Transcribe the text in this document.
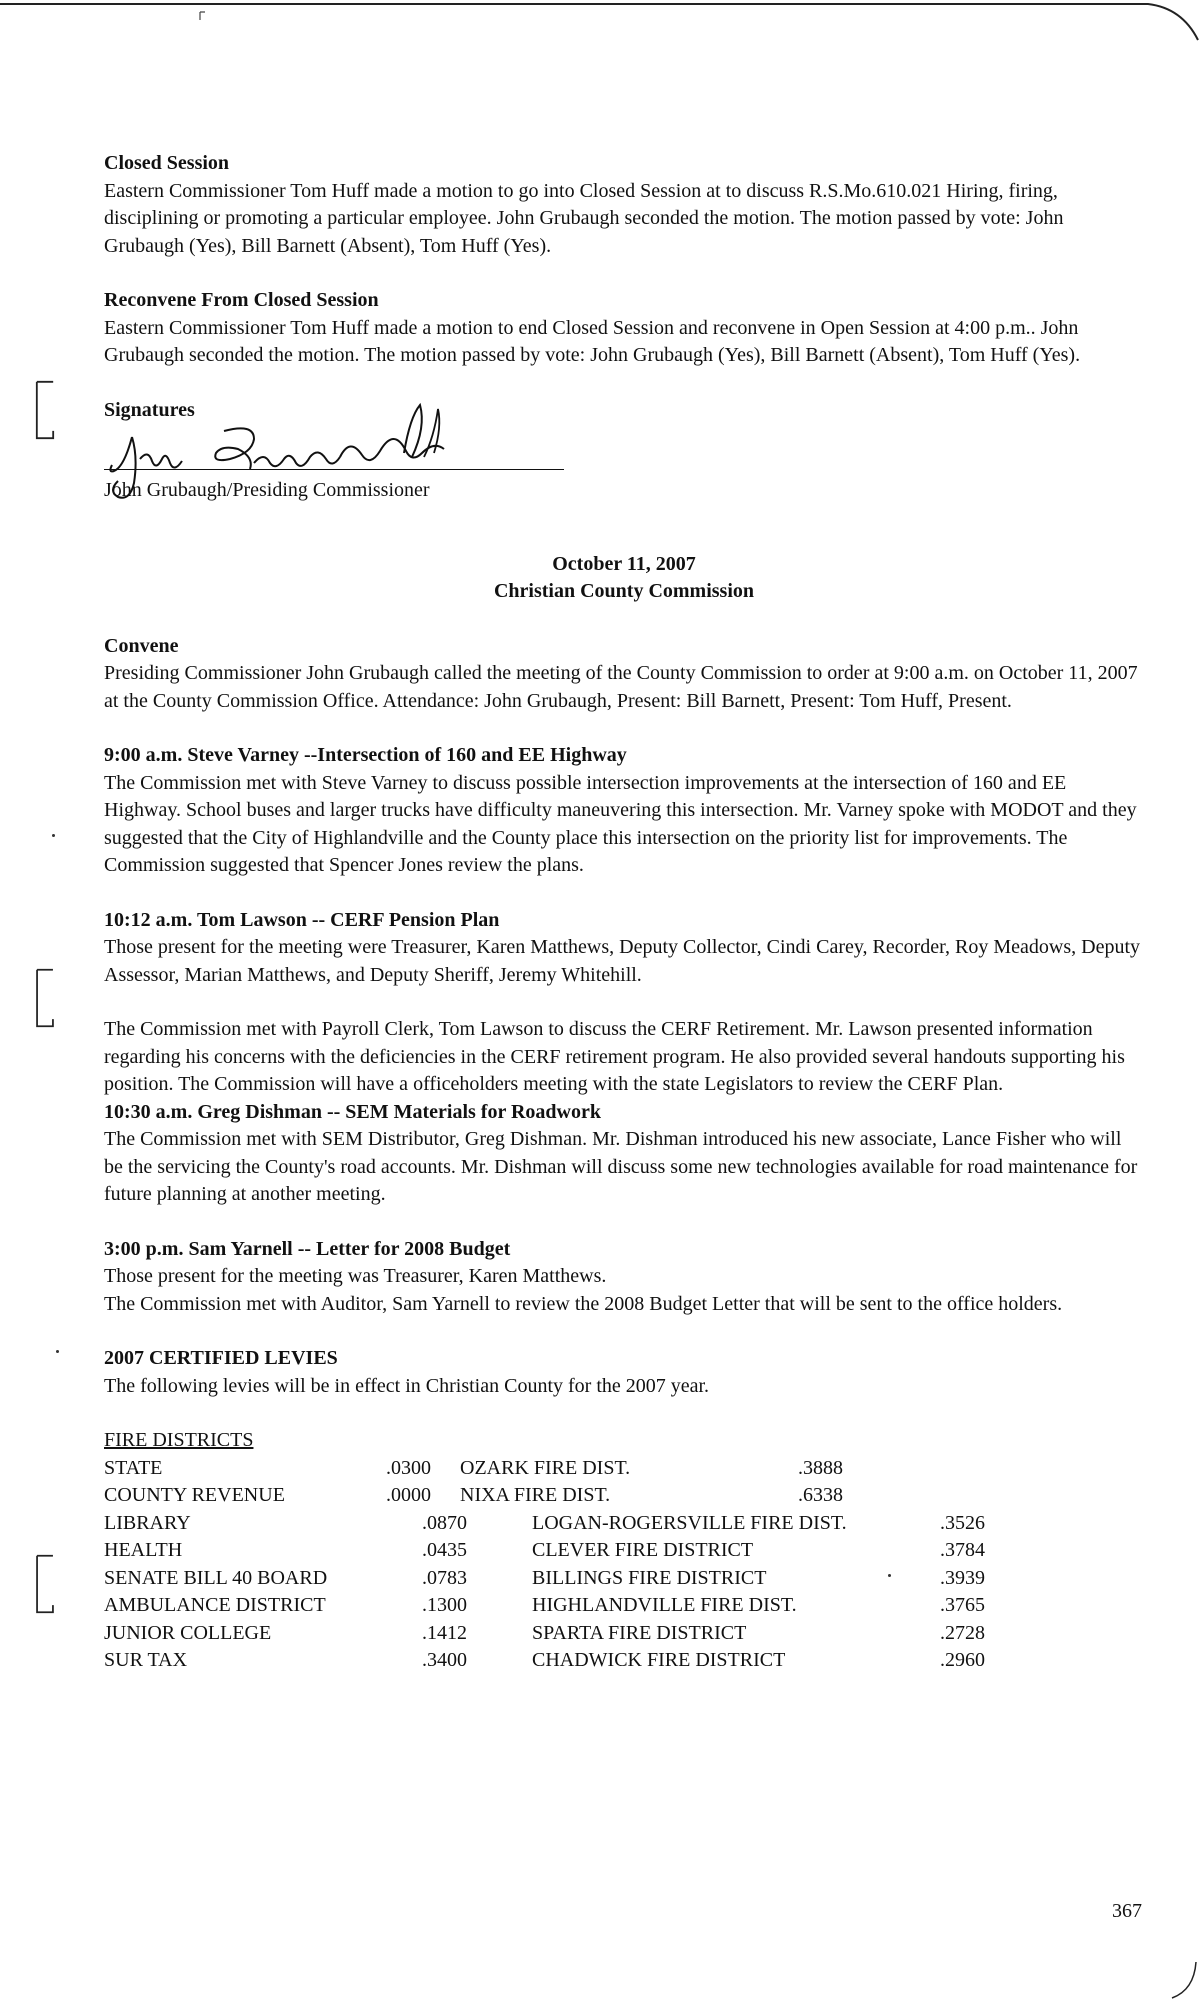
Closed Session

Eastern Commissioner Tom Huff made a motion to go into Closed Session at to discuss R.S.Mo.610.021 Hiring, firing, disciplining or promoting a particular employee. John Grubaugh seconded the motion. The motion passed by vote: John Grubaugh (Yes), Bill Barnett (Absent), Tom Huff (Yes).

Reconvene From Closed Session

Eastern Commissioner Tom Huff made a motion to end Closed Session and reconvene in Open Session at 4:00 p.m.. John Grubaugh seconded the motion. The motion passed by vote: John Grubaugh (Yes), Bill Barnett (Absent), Tom Huff (Yes).

Signatures
John Grubaugh/Presiding Commissioner

October 11, 2007

Christian County Commission

Convene

Presiding Commissioner John Grubaugh called the meeting of the County Commission to order at 9:00 a.m. on October 11, 2007 at the County Commission Office. Attendance: John Grubaugh, Present: Bill Barnett, Present: Tom Huff, Present.

9:00 a.m. Steve Varney --Intersection of 160 and EE Highway

The Commission met with Steve Varney to discuss possible intersection improvements at the intersection of 160 and EE Highway. School buses and larger trucks have difficulty maneuvering this intersection. Mr. Varney spoke with MODOT and they suggested that the City of Highlandville and the County place this intersection on the priority list for improvements. The Commission suggested that Spencer Jones review the plans.

10:12 a.m. Tom Lawson -- CERF Pension Plan

Those present for the meeting were Treasurer, Karen Matthews, Deputy Collector, Cindi Carey, Recorder, Roy Meadows, Deputy Assessor, Marian Matthews, and Deputy Sheriff, Jeremy Whitehill.

The Commission met with Payroll Clerk, Tom Lawson to discuss the CERF Retirement. Mr. Lawson presented information regarding his concerns with the deficiencies in the CERF retirement program. He also provided several handouts supporting his position. The Commission will have a officeholders meeting with the state Legislators to review the CERF Plan.

10:30 a.m. Greg Dishman -- SEM Materials for Roadwork

The Commission met with SEM Distributor, Greg Dishman. Mr. Dishman introduced his new associate, Lance Fisher who will be the servicing the County's road accounts. Mr. Dishman will discuss some new technologies available for road maintenance for future planning at another meeting.

3:00 p.m. Sam Yarnell -- Letter for 2008 Budget

Those present for the meeting was Treasurer, Karen Matthews.

The Commission met with Auditor, Sam Yarnell to review the 2008 Budget Letter that will be sent to the office holders.

2007 CERTIFIED LEVIES

The following levies will be in effect in Christian County for the 2007 year.

FIRE DISTRICTS
STATE	.0300 OZARK FIRE DIST.	.3888
COUNTY REVENUE	.0000 NIXA FIRE DIST.	.6338
LIBRARY	.0870	LOGAN-ROGERSVILLE FIRE DIST.	.3526
HEALTH	.0435	CLEVER FIRE DISTRICT	.3784
SENATE BILL 40 BOARD	.0783	BILLINGS FIRE DISTRICT	.3939
AMBULANCE DISTRICT	.1300	HIGHLANDVILLE FIRE DIST.	.3765
JUNIOR COLLEGE	.1412	SPARTA FIRE DISTRICT	.2728
SUR TAX	.3400	CHADWICK FIRE DISTRICT	.2960
367
